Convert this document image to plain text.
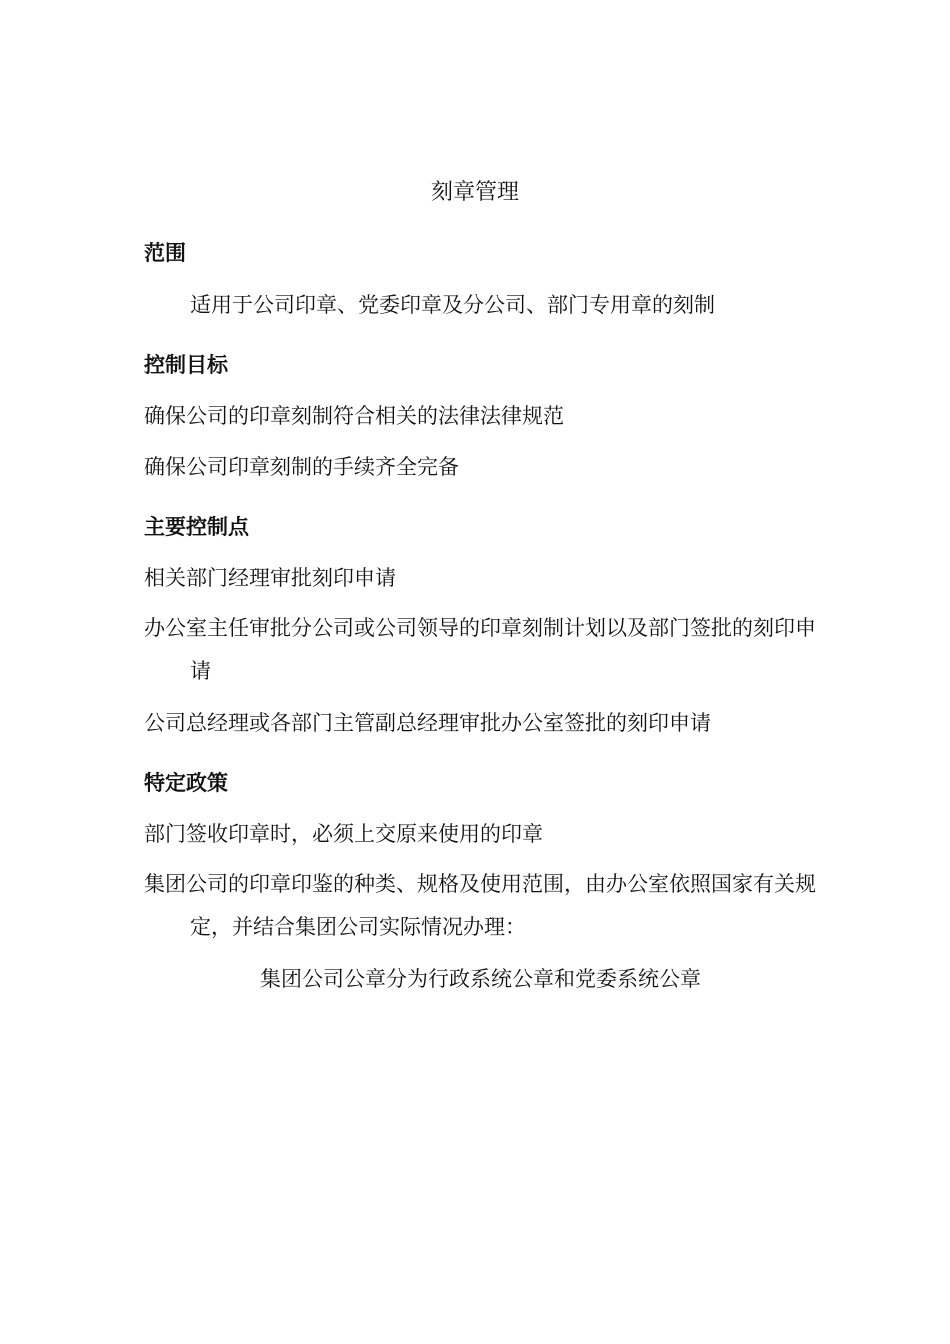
刻章管理
范围
适用于公司印章、党委印章及分公司、部门专用章的刻制
控制目标
确保公司的印章刻制符合相关的法律法律规范
确保公司印章刻制的手续齐全完备
主要控制点
相关部门经理审批刻印申请
办公室主任审批分公司或公司领导的印章刻制计划以及部门签批的刻印申请
公司总经理或各部门主管副总经理审批办公室签批的刻印申请
特定政策
部门签收印章时，必须上交原来使用的印章
集团公司的印章印鉴的种类、规格及使用范围，由办公室依照国家有关规定，并结合集团公司实际情况办理：
集团公司公章分为行政系统公章和党委系统公章
